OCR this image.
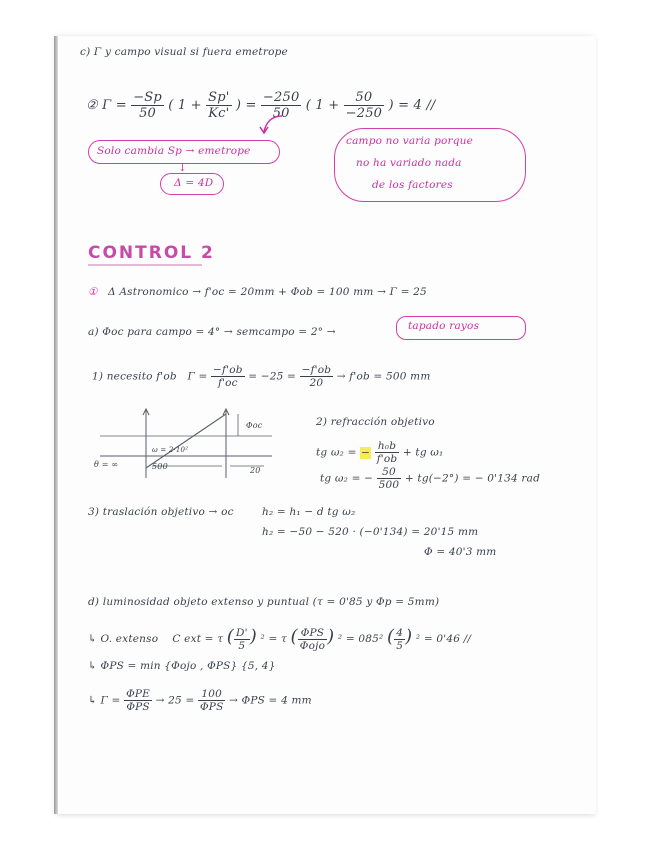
c) Γ y campo visual si fuera emetrope
② $\Gamma = \frac{-Sp}{50}$ ( $1 + \frac{Sp'}{Kc'}$ ) = $\frac{-250}{50}$ ( $1 + \frac{50}{-250}$ ) = 4 //
Solo cambia Sp → emetrope
↓
Δ = 4D
campo no varia porque
no ha variado nada
de los factores
CONTROL 2
① Δ Astronomico → f'oc = 20mm + Φob = 100 mm → Γ = 25
a) Φoc para campo = 4° → semcampo = 2° →	tapado rayos
1) necesito f'ob $\Gamma = \frac{-f'ob}{f'oc} = -25 = \frac{-f'ob}{20} \to f'ob = 500$ mm
θ = ∞
ω = 2·10²
500	20
Φoc	2) refracción objetivo
tg ω₂ = − $\frac{\text{h₀b}}{f'ob}$ + tg ω₁
tg ω₂ = − $\frac{50}{500} + tg(-2^\circ)$ = − 0'134 rad
3) traslación objetivo → oc	h₂ = h₁ − d tg ω₂
h₂ = −50 − 520 · (−0'134) = 20'15 mm
Φ = 40'3 mm
d) luminosidad objeto extenso y puntual (τ = 0'85 y Φp = 5mm)
↳ O. extenso C ext = τ ( $\frac{D'}{5}$ ) ² = τ ( $\frac{\text{ΦPS}}{\text{Φojo}}$ ) ² = 085² ( $\frac{4}{5}$ ) ² = 0'46 //
↳ ΦPS = min {Φojo , ΦPS} {5, 4}
↳ $\Gamma = \frac{\text{ΦPE}}{\text{ΦPS}} \to 25 = \frac{100}{\text{ΦPS}} \to \Phi PS = 4$ mm
